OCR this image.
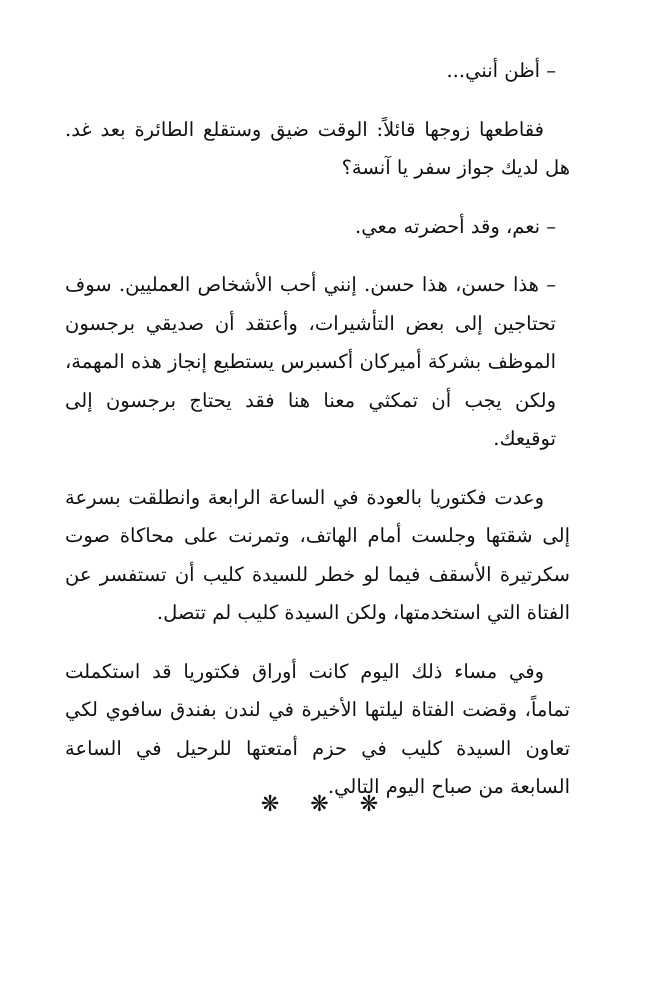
– أظن أنني...

فقاطعها زوجها قائلاً: الوقت ضيق وستقلع الطائرة بعد غد. هل لديك جواز سفر يا آنسة؟

– نعم، وقد أحضرته معي.

– هذا حسن، هذا حسن. إنني أحب الأشخاص العمليين. سوف تحتاجين إلى بعض التأشيرات، وأعتقد أن صديقي برجسون الموظف بشركة أميركان أكسبرس يستطيع إنجاز هذه المهمة، ولكن يجب أن تمكثي معنا هنا فقد يحتاج برجسون إلى توقيعك.

وعدت فكتوريا بالعودة في الساعة الرابعة وانطلقت بسرعة إلى شقتها وجلست أمام الهاتف، وتمرنت على محاكاة صوت سكرتيرة الأسقف فيما لو خطر للسيدة كليب أن تستفسر عن الفتاة التي استخدمتها، ولكن السيدة كليب لم تتصل.

وفي مساء ذلك اليوم كانت أوراق فكتوريا قد استكملت تماماً، وقضت الفتاة ليلتها الأخيرة في لندن بفندق سافوي لكي تعاون السيدة كليب في حزم أمتعتها للرحيل في الساعة السابعة من صباح اليوم التالي.

❋ ❋ ❋
